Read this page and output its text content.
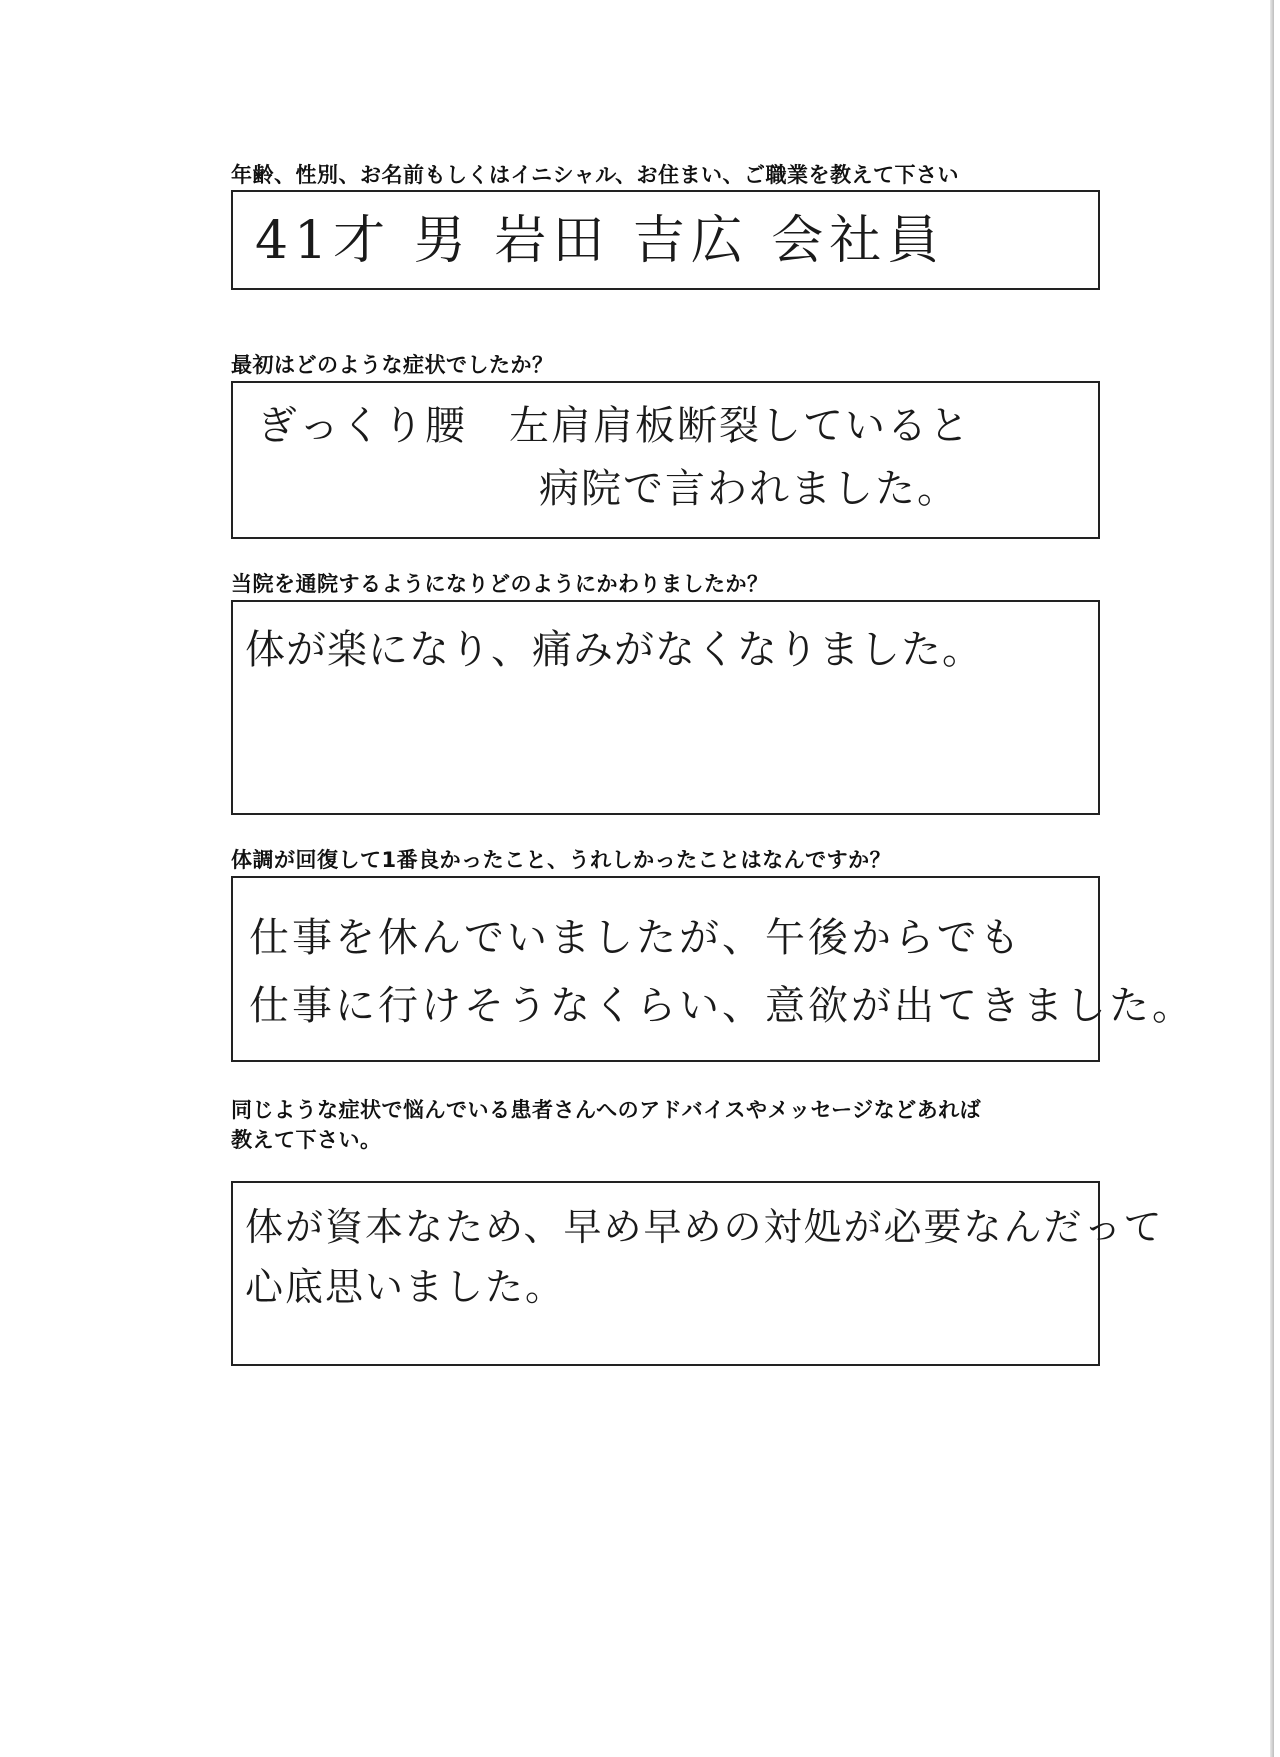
年齢、性別、お名前もしくはイニシャル、お住まい、ご職業を教えて下さい
41才 男 岩田 吉広 会社員
最初はどのような症状でしたか？
ぎっくり腰　左肩肩板断裂していると
病院で言われました。
当院を通院するようになりどのようにかわりましたか？
体が楽になり、痛みがなくなりました。
体調が回復して1番良かったこと、うれしかったことはなんですか？
仕事を休んでいましたが、午後からでも
仕事に行けそうなくらい、意欲が出てきました。
同じような症状で悩んでいる患者さんへのアドバイスやメッセージなどあれば
教えて下さい。
体が資本なため、早め早めの対処が必要なんだって
心底思いました。
